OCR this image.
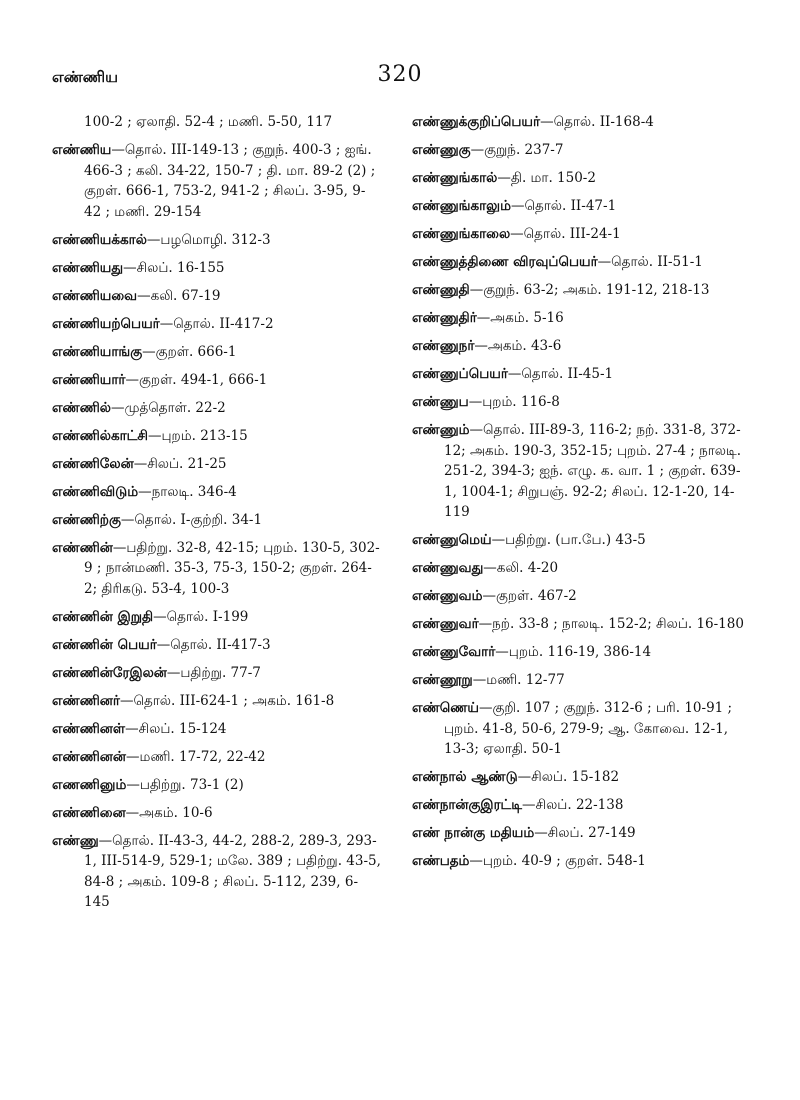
எண்ணிய	320
100-2 ; ஏலாதி. 52-4 ; மணி. 5-50, 117
எண்ணிய—தொல். III-149-13 ; குறுந். 400-3 ; ஐங். 466-3 ; கலி. 34-22, 150-7 ; தி. மா. 89-2 (2) ; குறள். 666-1, 753-2, 941-2 ; சிலப். 3-95, 9-42 ; மணி. 29-154
எண்ணியக்கால்—பழமொழி. 312-3
எண்ணியது—சிலப். 16-155
எண்ணியவை—கலி. 67-19
எண்ணியற்பெயர்—தொல். II-417-2
எண்ணியாங்கு—குறள். 666-1
எண்ணியார்—குறள். 494-1, 666-1
எண்ணில்—முத்தொள். 22-2
எண்ணில்காட்சி—புறம். 213-15
எண்ணிலேன்—சிலப். 21-25
எண்ணிவிடும்—நாலடி. 346-4
எண்ணிற்கு—தொல். I-குற்றி. 34-1
எண்ணின்—பதிற்று. 32-8, 42-15; புறம். 130-5, 302-9 ; நான்மணி. 35-3, 75-3, 150-2; குறள். 264-2; திரிகடு. 53-4, 100-3
எண்ணின் இறுதி—தொல். I-199
எண்ணின் பெயர்—தொல். II-417-3
எண்ணின்ரேஇலன்—பதிற்று. 77-7
எண்ணினர்—தொல். III-624-1 ; அகம். 161-8
எண்ணினள்—சிலப். 15-124
எண்ணினன்—மணி. 17-72, 22-42
எணணினும்—பதிற்று. 73-1 (2)
எண்ணினை—அகம். 10-6
எண்ணு—தொல். II-43-3, 44-2, 288-2, 289-3, 293-1, III-514-9, 529-1; மலே. 389 ; பதிற்று. 43-5, 84-8 ; அகம். 109-8 ; சிலப். 5-112, 239, 6-145
எண்ணுக்குறிப்பெயர்—தொல். II-168-4
எண்ணுகு—குறுந். 237-7
எண்ணுங்கால்—தி. மா. 150-2
எண்ணுங்காலும்—தொல். II-47-1
எண்ணுங்காலை—தொல். III-24-1
எண்ணுத்திணை விரவுப்பெயர்—தொல். II-51-1
எண்ணுதி—குறுந். 63-2; அகம். 191-12, 218-13
எண்ணுதிர்—அகம். 5-16
எண்ணுநர்—அகம். 43-6
எண்ணுப்பெயர்—தொல். II-45-1
எண்ணுப—புறம். 116-8
எண்ணும்—தொல். III-89-3, 116-2; நற். 331-8, 372-12; அகம். 190-3, 352-15; புறம். 27-4 ; நாலடி. 251-2, 394-3; ஐந். எழு. க. வா. 1 ; குறள். 639-1, 1004-1; சிறுபஞ். 92-2; சிலப். 12-1-20, 14-119
எண்ணுமெய்—பதிற்று. (பா.பே.) 43-5
எண்ணுவது—கலி. 4-20
எண்ணுவம்—குறள். 467-2
எண்ணுவர்—நற். 33-8 ; நாலடி. 152-2; சிலப். 16-180
எண்ணுவோர்—புறம். 116-19, 386-14
எண்ணூறு—மணி. 12-77
எண்ணெய்—குறி. 107 ; குறுந். 312-6 ; பரி. 10-91 ; புறம். 41-8, 50-6, 279-9; ஆ. கோவை. 12-1, 13-3; ஏலாதி. 50-1
எண்நால் ஆண்டு—சிலப். 15-182
எண்நான்குஇரட்டி—சிலப். 22-138
எண் நான்கு மதியம்—சிலப். 27-149
எண்பதம்—புறம். 40-9 ; குறள். 548-1
